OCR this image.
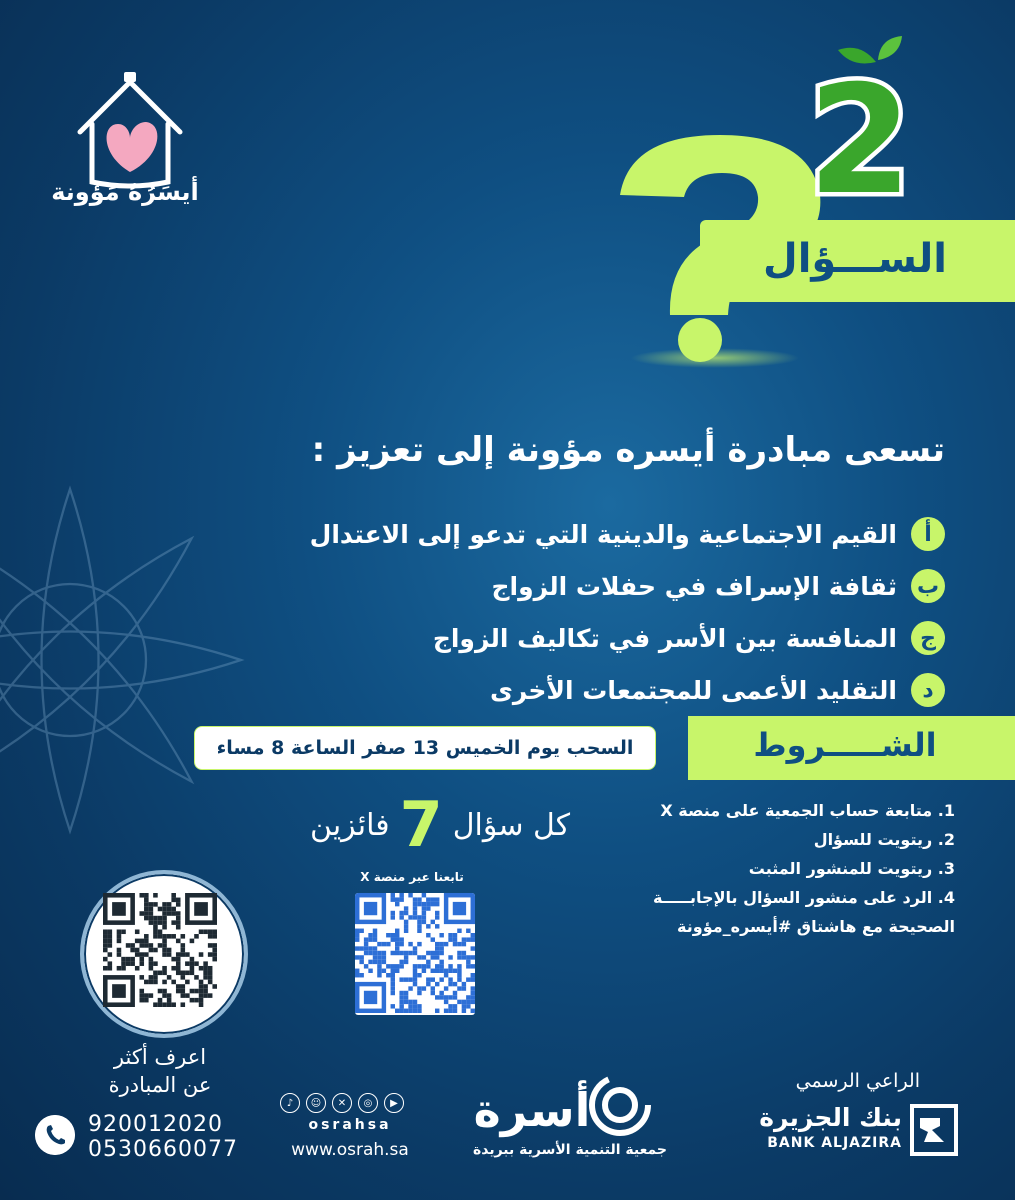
أيسَرُهُ مَؤونة
الســـؤال
2
تسعى مبادرة أيسره مؤونة إلى تعزيز :
أ
القيم الاجتماعية والدينية التي تدعو إلى الاعتدال
ب
ثقافة الإسراف في حفلات الزواج
ج
المنافسة بين الأسر في تكاليف الزواج
د
التقليد الأعمى للمجتمعات الأخرى
السحب يوم الخميس 13 صفر الساعة 8 مساء	الشـــــروط
1. متابعة حساب الجمعية على منصة X
2. ريتويت للسؤال
3. ريتويت للمنشور المثبت
4. الرد على منشور السؤال بالإجابـــــة
الصحيحة مع هاشتاق #أيسره_مؤونة
كل سؤال
7
فائزين
تابعنا عبر منصة X
اعرف أكثر
عن المبادرة
920012020
0530660077
♪	☺	✕	◎	▶
osrahsa
www.osrah.sa
أسرة
جمعية التنمية الأسرية ببريدة
الراعي الرسمي
بنك الجزيرة
BANK ALJAZIRA
